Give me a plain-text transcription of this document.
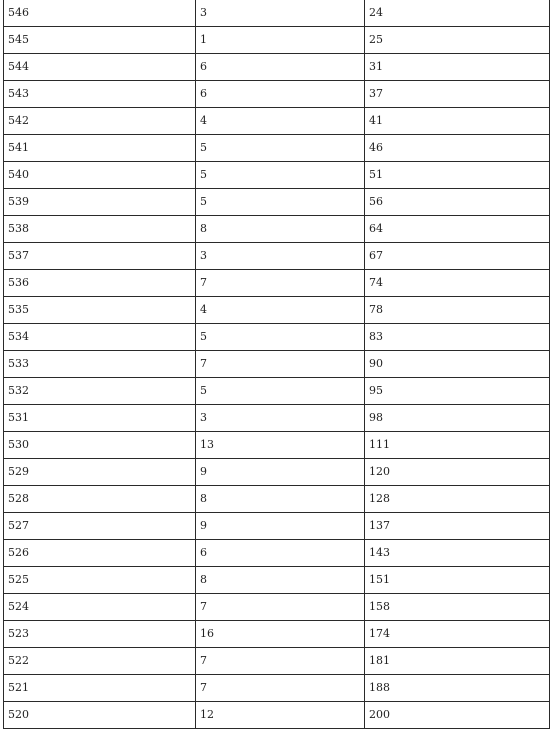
546	3	24
545	1	25
544	6	31
543	6	37
542	4	41
541	5	46
540	5	51
539	5	56
538	8	64
537	3	67
536	7	74
535	4	78
534	5	83
533	7	90
532	5	95
531	3	98
530	13	111
529	9	120
528	8	128
527	9	137
526	6	143
525	8	151
524	7	158
523	16	174
522	7	181
521	7	188
520	12	200
